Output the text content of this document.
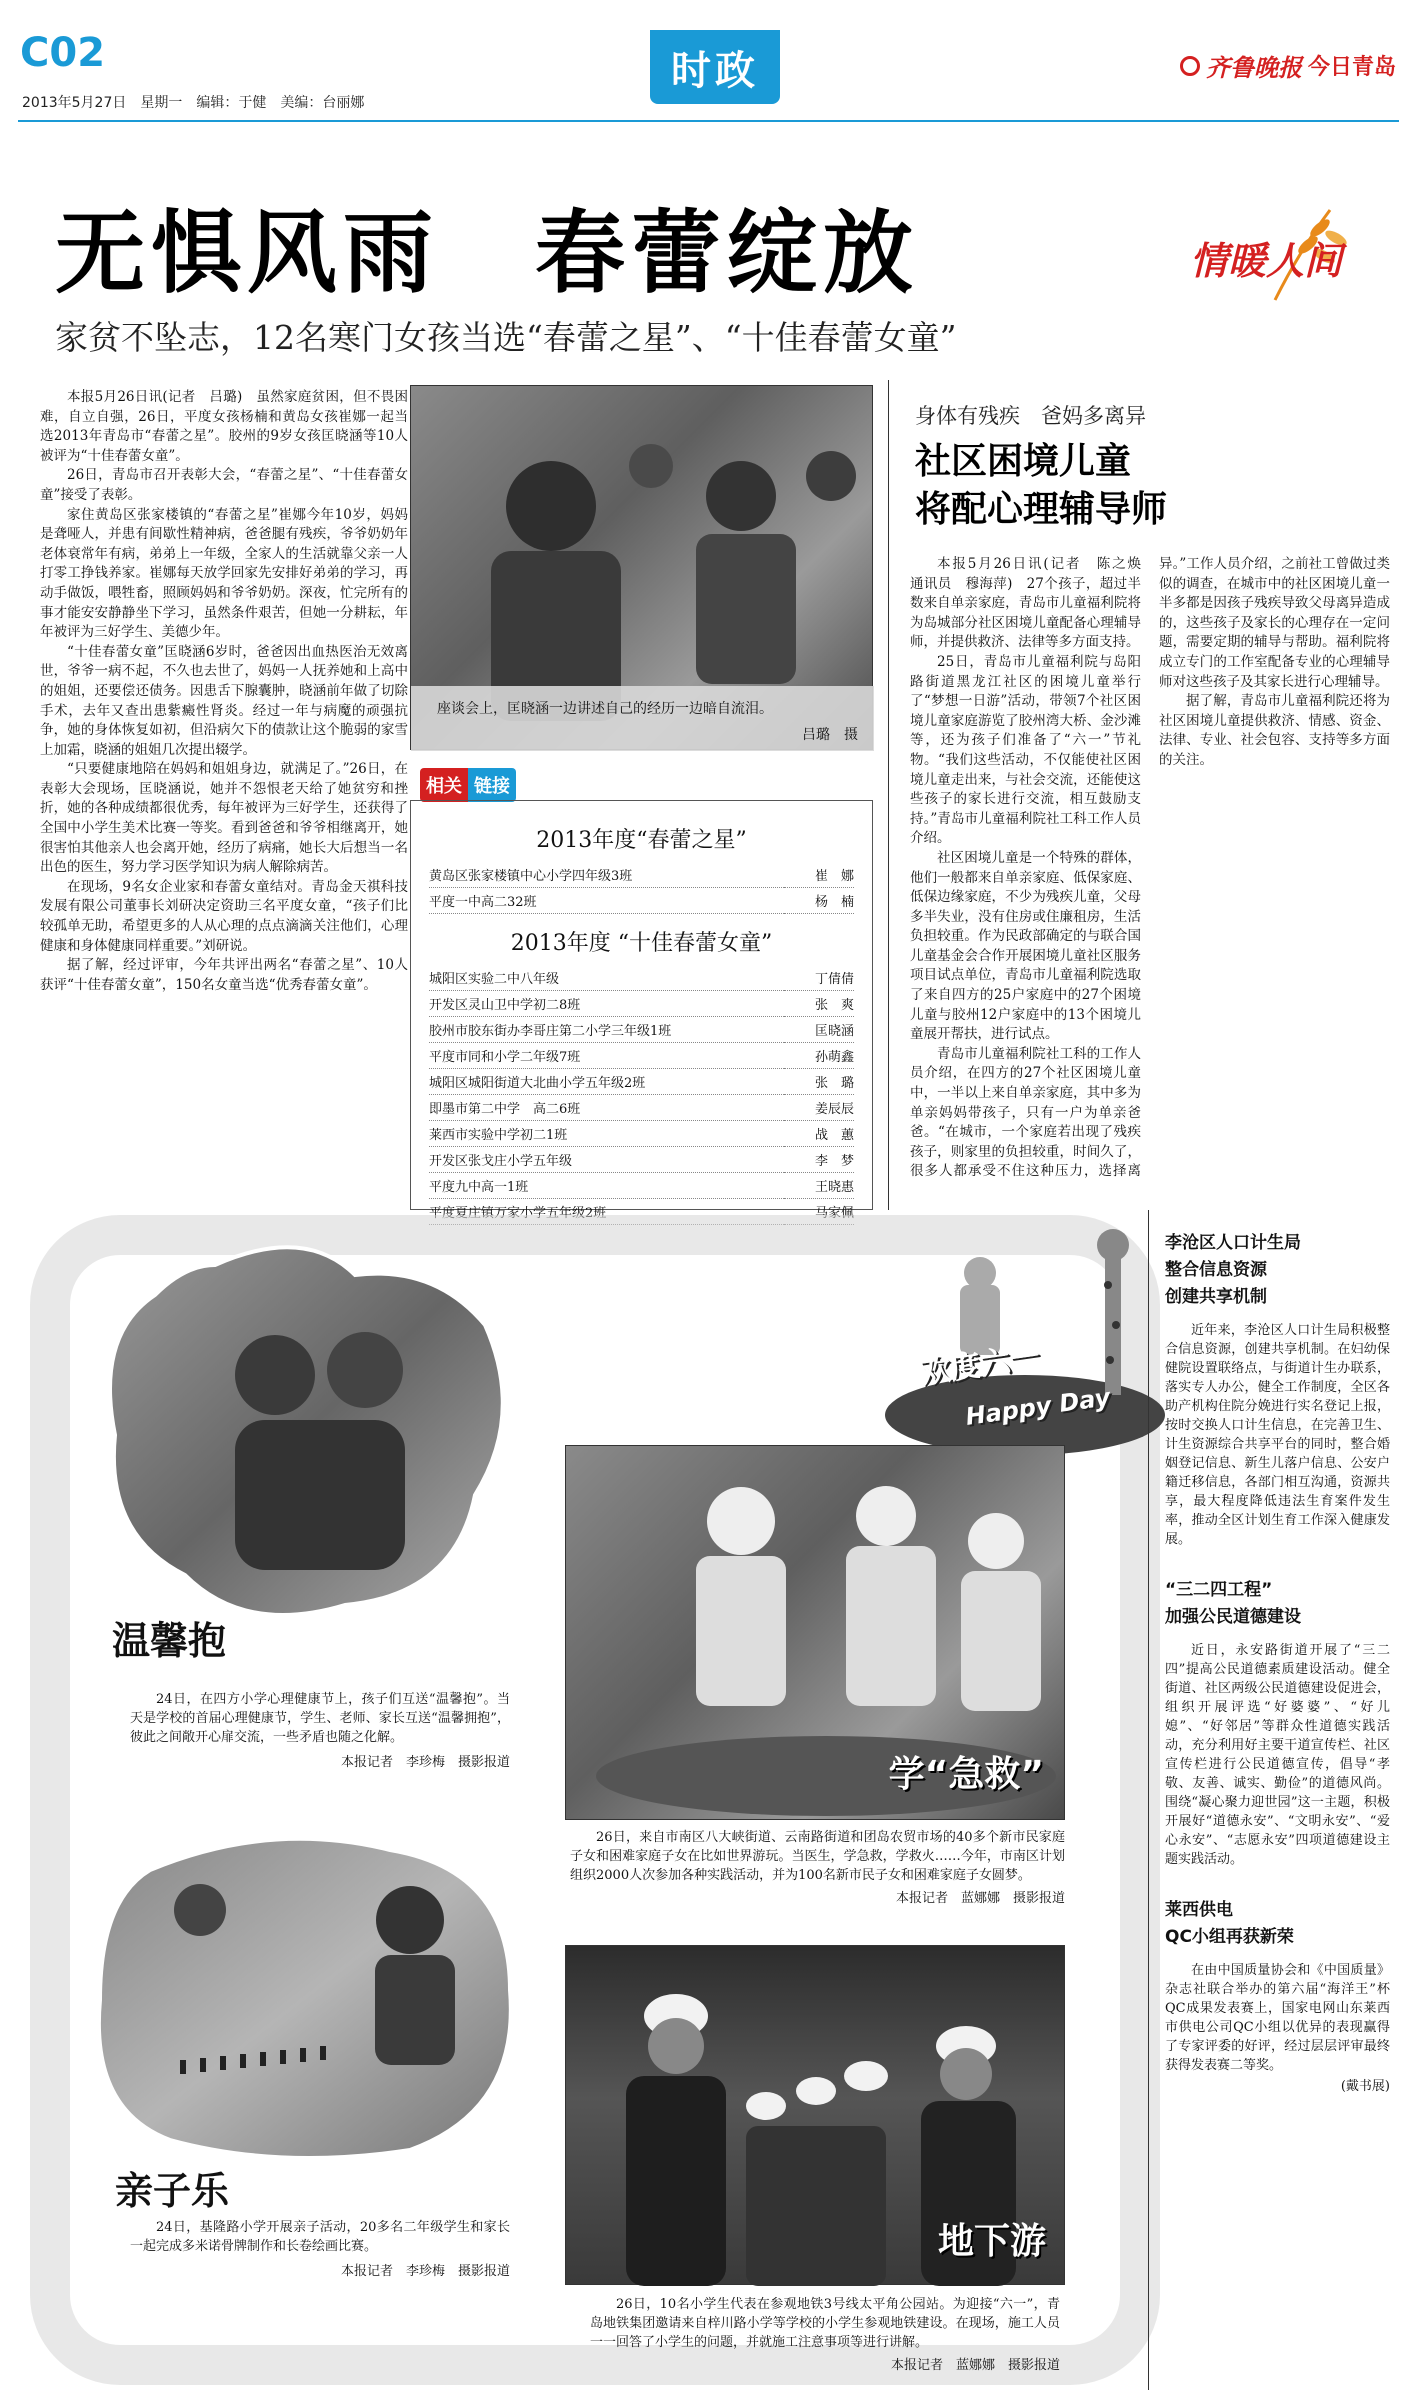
C02
2013年5月27日　星期一　编辑：于健　美编：台丽娜
时政	齐鲁晚报 今日青岛
无惧风雨　春蕾绽放
家贫不坠志，12名寒门女孩当选“春蕾之星”、“十佳春蕾女童”
情暖人间

本报5月26日讯(记者　吕璐)　虽然家庭贫困，但不畏困难，自立自强，26日，平度女孩杨楠和黄岛女孩崔娜一起当选2013年青岛市“春蕾之星”。胶州的9岁女孩匡晓涵等10人被评为“十佳春蕾女童”。

26日，青岛市召开表彰大会，“春蕾之星”、“十佳春蕾女童”接受了表彰。

家住黄岛区张家楼镇的“春蕾之星”崔娜今年10岁，妈妈是聋哑人，并患有间歇性精神病，爸爸腿有残疾，爷爷奶奶年老体衰常年有病，弟弟上一年级，全家人的生活就靠父亲一人打零工挣钱养家。崔娜每天放学回家先安排好弟弟的学习，再动手做饭，喂牲畜，照顾妈妈和爷爷奶奶。深夜，忙完所有的事才能安安静静坐下学习，虽然条件艰苦，但她一分耕耘，年年被评为三好学生、美德少年。

“十佳春蕾女童”匡晓涵6岁时，爸爸因出血热医治无效离世，爷爷一病不起，不久也去世了，妈妈一人抚养她和上高中的姐姐，还要偿还债务。因患舌下腺囊肿，晓涵前年做了切除手术，去年又查出患紫癜性肾炎。经过一年与病魔的顽强抗争，她的身体恢复如初，但沿病欠下的债款让这个脆弱的家雪上加霜，晓涵的姐姐几次提出辍学。

“只要健康地陪在妈妈和姐姐身边，就满足了。”26日，在表彰大会现场，匡晓涵说，她并不怨恨老天给了她贫穷和挫折，她的各种成绩都很优秀，每年被评为三好学生，还获得了全国中小学生美术比赛一等奖。看到爸爸和爷爷相继离开，她很害怕其他亲人也会离开她，经历了病痛，她长大后想当一名出色的医生，努力学习医学知识为病人解除病苦。

在现场，9名女企业家和春蕾女童结对。青岛金天祺科技发展有限公司董事长刘研决定资助三名平度女童，“孩子们比较孤单无助，希望更多的人从心理的点点滴滴关注他们，心理健康和身体健康同样重要。”刘研说。

据了解，经过评审，今年共评出两名“春蕾之星”、10人获评“十佳春蕾女童”，150名女童当选“优秀春蕾女童”。

座谈会上，匡晓涵一边讲述自己的经历一边暗自流泪。
吕璐　摄
相关 链接
2013年度“春蕾之星”
黄岛区张家楼镇中心小学四年级3班	崔　娜
平度一中高二32班	杨　楠
2013年度 “十佳春蕾女童”
城阳区实验二中八年级	丁倩倩
开发区灵山卫中学初二8班	张　爽
胶州市胶东街办李哥庄第二小学三年级1班	匡晓涵
平度市同和小学二年级7班	孙萌鑫
城阳区城阳街道大北曲小学五年级2班	张　璐
即墨市第二中学　高二6班	姜辰辰
莱西市实验中学初二1班	战　蕙
开发区张戈庄小学五年级	李　梦
平度九中高一1班	王晓惠
平度夏庄镇万家小学五年级2班	马家佩
身体有残疾　爸妈多离异
社区困境儿童
将配心理辅导师

本报5月26日讯(记者　陈之焕　通讯员　穆海萍)　27个孩子，超过半数来自单亲家庭，青岛市儿童福利院将为岛城部分社区困境儿童配备心理辅导师，并提供救济、法律等多方面支持。

25日，青岛市儿童福利院与岛阳路街道黑龙江社区的困境儿童举行了“梦想一日游”活动，带领7个社区困境儿童家庭游览了胶州湾大桥、金沙滩等，还为孩子们准备了“六一”节礼物。“我们这些活动，不仅能使社区困境儿童走出来，与社会交流，还能使这些孩子的家长进行交流，相互鼓励支持。”青岛市儿童福利院社工科工作人员介绍。

社区困境儿童是一个特殊的群体，他们一般都来自单亲家庭、低保家庭、低保边缘家庭，不少为残疾儿童，父母多半失业，没有住房或住廉租房，生活负担较重。作为民政部确定的与联合国儿童基金会合作开展困境儿童社区服务项目试点单位，青岛市儿童福利院选取了来自四方的25户家庭中的27个困境儿童与胶州12户家庭中的13个困境儿童展开帮扶，进行试点。

青岛市儿童福利院社工科的工作人员介绍，在四方的27个社区困境儿童中，一半以上来自单亲家庭，其中多为单亲妈妈带孩子，只有一户为单亲爸爸。“在城市，一个家庭若出现了残疾孩子，则家里的负担较重，时间久了，很多人都承受不住这种压力，选择离异。”工作人员介绍，之前社工曾做过类似的调查，在城市中的社区困境儿童一半多都是因孩子残疾导致父母离异造成的，这些孩子及家长的心理存在一定问题，需要定期的辅导与帮助。福利院将成立专门的工作室配备专业的心理辅导师对这些孩子及其家长进行心理辅导。

据了解，青岛市儿童福利院还将为社区困境儿童提供救济、情感、资金、法律、专业、社会包容、支持等多方面的关注。

欢度六一
Happy Day
温馨抱

24日，在四方小学心理健康节上，孩子们互送“温馨抱”。当天是学校的首届心理健康节，学生、老师、家长互送“温馨拥抱”，彼此之间敞开心扉交流，一些矛盾也随之化解。

本报记者　李珍梅　摄影报道	学“急救”

26日，来自市南区八大峡街道、云南路街道和团岛农贸市场的40多个新市民家庭子女和困难家庭子女在比如世界游玩。当医生，学急救，学救火……今年，市南区计划组织2000人次参加各种实践活动，并为100名新市民子女和困难家庭子女圆梦。

本报记者　蓝娜娜　摄影报道

亲子乐

24日，基隆路小学开展亲子活动，20多名二年级学生和家长一起完成多米诺骨牌制作和长卷绘画比赛。

本报记者　李珍梅　摄影报道

地下游

26日，10名小学生代表在参观地铁3号线太平角公园站。为迎接“六一”，青岛地铁集团邀请来自梓川路小学等学校的小学生参观地铁建设。在现场，施工人员一一回答了小学生的问题，并就施工注意事项等进行讲解。

本报记者　蓝娜娜　摄影报道

李沧区人口计生局
整合信息资源
创建共享机制

近年来，李沧区人口计生局积极整合信息资源，创建共享机制。在妇幼保健院设置联络点，与街道计生办联系，落实专人办公，健全工作制度，全区各助产机构住院分娩进行实名登记上报，按时交换人口计生信息，在完善卫生、计生资源综合共享平台的同时，整合婚姻登记信息、新生儿落户信息、公安户籍迁移信息，各部门相互沟通，资源共享，最大程度降低违法生育案件发生率，推动全区计划生育工作深入健康发展。

“三二四工程”
加强公民道德建设

近日，永安路街道开展了“三二四”提高公民道德素质建设活动。健全街道、社区两级公民道德建设促进会，组织开展评选“好婆婆”、“好儿媳”、“好邻居”等群众性道德实践活动，充分利用好主要干道宣传栏、社区宣传栏进行公民道德宣传，倡导“孝敬、友善、诚实、勤俭”的道德风尚。围绕“凝心聚力迎世园”这一主题，积极开展好“道德永安”、“文明永安”、“爱心永安”、“志愿永安”四项道德建设主题实践活动。

莱西供电
QC小组再获新荣

在由中国质量协会和《中国质量》杂志社联合举办的第六届“海洋王”杯QC成果发表赛上，国家电网山东莱西市供电公司QC小组以优异的表现赢得了专家评委的好评，经过层层评审最终获得发表赛二等奖。

(戴书展)
